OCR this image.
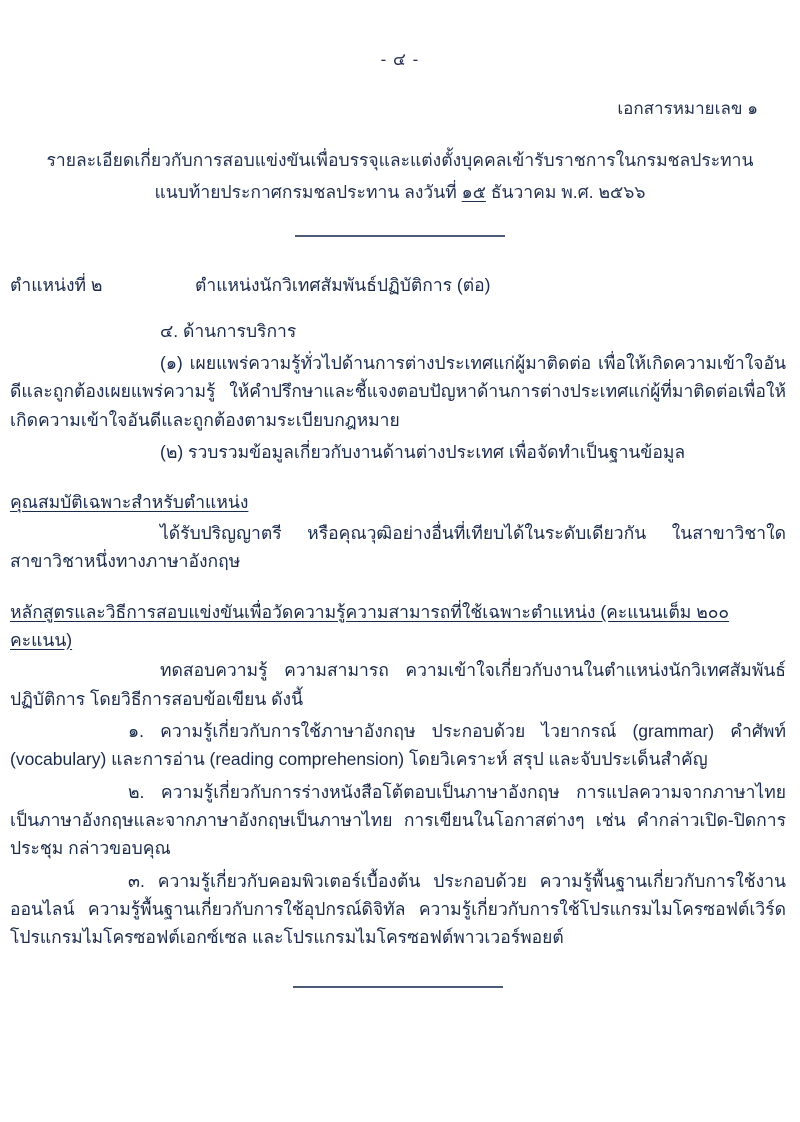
- ๔ -
เอกสารหมายเลข ๑
รายละเอียดเกี่ยวกับการสอบแข่งขันเพื่อบรรจุและแต่งตั้งบุคคลเข้ารับราชการในกรมชลประทาน
แนบท้ายประกาศกรมชลประทาน ลงวันที่ ๑๕ ธันวาคม พ.ศ. ๒๕๖๖
ตำแหน่งที่ ๒	ตำแหน่งนักวิเทศสัมพันธ์ปฏิบัติการ (ต่อ)

๔. ด้านการบริการ

(๑) เผยแพร่ความรู้ทั่วไปด้านการต่างประเทศแก่ผู้มาติดต่อ เพื่อให้เกิดความเข้าใจอันดีและถูกต้องเผยแพร่ความรู้ ให้คำปรึกษาและชี้แจงตอบปัญหาด้านการต่างประเทศแก่ผู้ที่มาติดต่อเพื่อให้เกิดความเข้าใจอันดีและถูกต้องตามระเบียบกฎหมาย

(๒) รวบรวมข้อมูลเกี่ยวกับงานด้านต่างประเทศ เพื่อจัดทำเป็นฐานข้อมูล

คุณสมบัติเฉพาะสำหรับตำแหน่ง

ได้รับปริญญาตรี หรือคุณวุฒิอย่างอื่นที่เทียบได้ในระดับเดียวกัน ในสาขาวิชาใดสาขาวิชาหนึ่งทางภาษาอังกฤษ

หลักสูตรและวิธีการสอบแข่งขันเพื่อวัดความรู้ความสามารถที่ใช้เฉพาะตำแหน่ง (คะแนนเต็ม ๒๐๐ คะแนน)

ทดสอบความรู้ ความสามารถ ความเข้าใจเกี่ยวกับงานในตำแหน่งนักวิเทศสัมพันธ์ปฏิบัติการ โดยวิธีการสอบข้อเขียน ดังนี้

๑. ความรู้เกี่ยวกับการใช้ภาษาอังกฤษ ประกอบด้วย ไวยากรณ์ (grammar) คำศัพท์ (vocabulary) และการอ่าน (reading comprehension) โดยวิเคราะห์ สรุป และจับประเด็นสำคัญ

๒. ความรู้เกี่ยวกับการร่างหนังสือโต้ตอบเป็นภาษาอังกฤษ การแปลความจากภาษาไทยเป็นภาษาอังกฤษและจากภาษาอังกฤษเป็นภาษาไทย การเขียนในโอกาสต่างๆ เช่น คำกล่าวเปิด-ปิดการประชุม กล่าวขอบคุณ

๓. ความรู้เกี่ยวกับคอมพิวเตอร์เบื้องต้น ประกอบด้วย ความรู้พื้นฐานเกี่ยวกับการใช้งานออนไลน์ ความรู้พื้นฐานเกี่ยวกับการใช้อุปกรณ์ดิจิทัล ความรู้เกี่ยวกับการใช้โปรแกรมไมโครซอฟต์เวิร์ด โปรแกรมไมโครซอฟต์เอกซ์เซล และโปรแกรมไมโครซอฟต์พาวเวอร์พอยต์
